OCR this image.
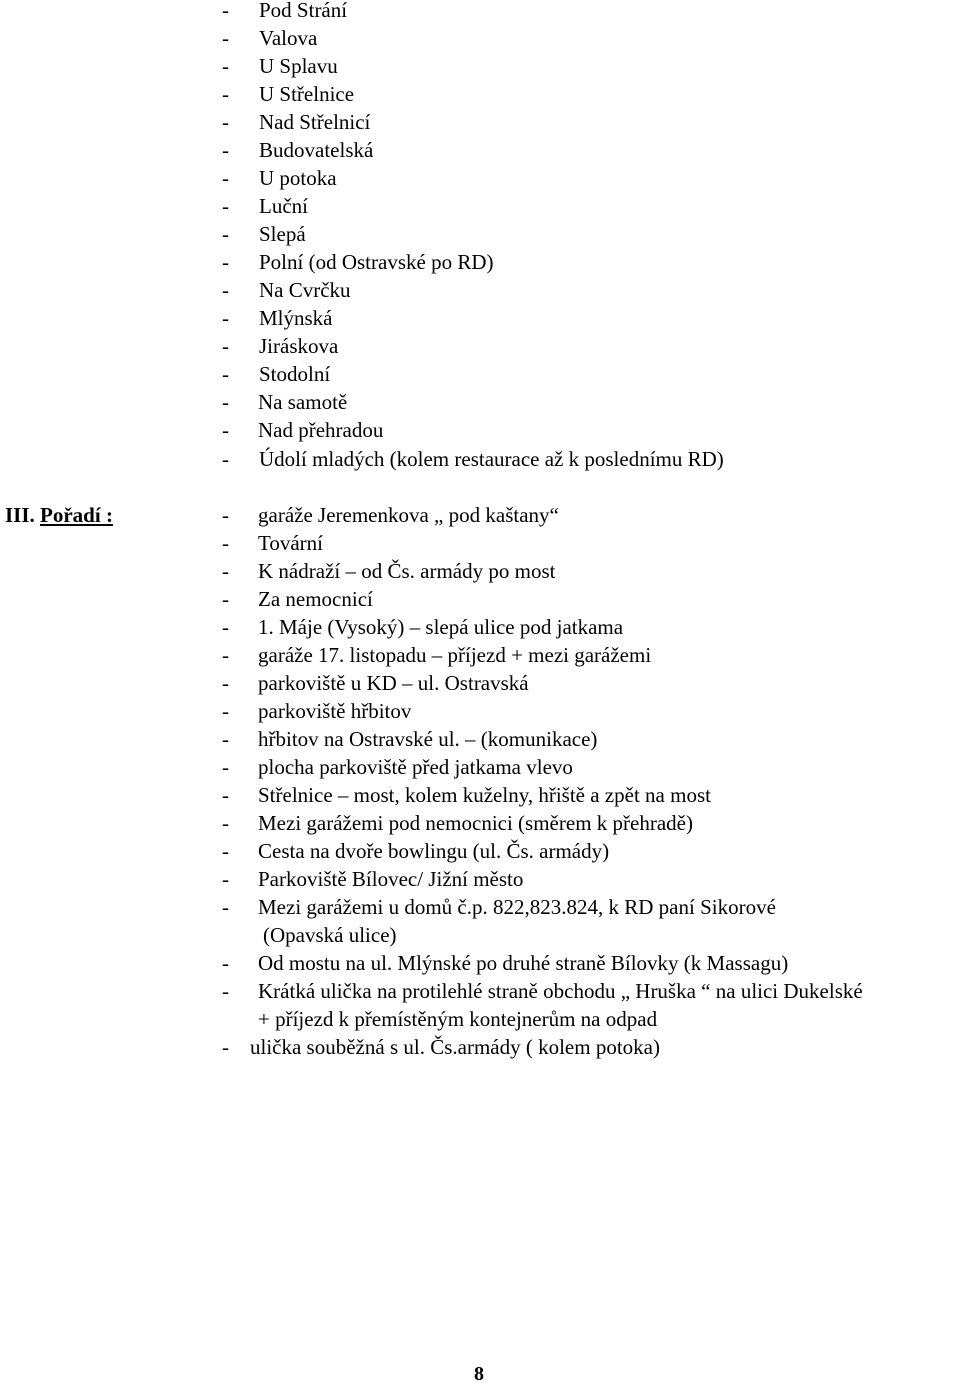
- Pod Strání
- Valova
- U Splavu
- U Střelnice
- Nad Střelnicí
- Budovatelská
- U potoka
- Luční
- Slepá
- Polní (od Ostravské po RD)
- Na Cvrčku
- Mlýnská
- Jiráskova
- Stodolní
- Na samotě
- Nad přehradou
- Údolí mladých (kolem restaurace až k poslednímu RD)
III. Pořadí :	- garáže Jeremenkova „ pod kaštany“
- Tovární
- K nádraží – od Čs. armády po most
- Za nemocnicí
- 1. Máje (Vysoký) – slepá ulice pod jatkama
- garáže 17. listopadu – příjezd + mezi garážemi
- parkoviště u KD – ul. Ostravská
- parkoviště hřbitov
- hřbitov na Ostravské ul. – (komunikace)
- plocha parkoviště před jatkama vlevo
- Střelnice – most, kolem kuželny, hřiště a zpět na most
- Mezi garážemi pod nemocnici (směrem k přehradě)
- Cesta na dvoře bowlingu (ul. Čs. armády)
- Parkoviště Bílovec/ Jižní město
- Mezi garážemi u domů č.p. 822,823.824, k RD paní Sikorové
(Opavská ulice)
- Od mostu na ul. Mlýnské po druhé straně Bílovky (k Massagu)
- Krátká ulička na protilehlé straně obchodu „ Hruška “ na ulici Dukelské
+ příjezd k přemístěným kontejnerům na odpad
- ulička souběžná s ul. Čs.armády ( kolem potoka)
8
